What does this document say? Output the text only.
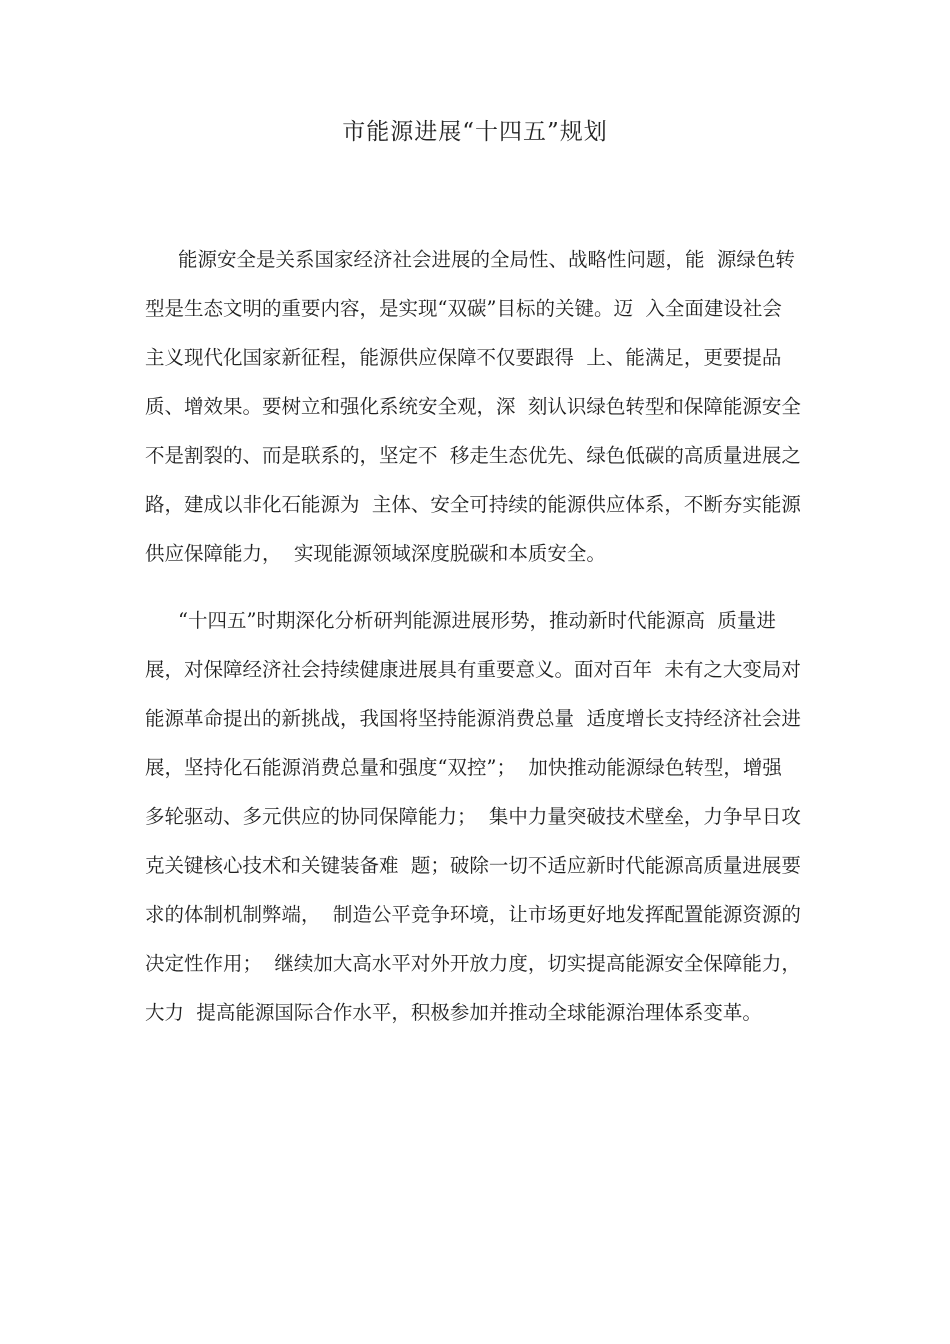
市能源进展“十四五”规划
能源安全是关系国家经济社会进展的全局性、战略性问题，能  源绿色转
型是生态文明的重要内容，是实现“双碳”目标的关键。迈  入全面建设社会
主义现代化国家新征程，能源供应保障不仅要跟得  上、能满足，更要提品
质、增效果。要树立和强化系统安全观，深  刻认识绿色转型和保障能源安全
不是割裂的、而是联系的，坚定不  移走生态优先、绿色低碳的高质量进展之
路，建成以非化石能源为  主体、安全可持续的能源供应体系，不断夯实能源
供应保障能力，  实现能源领域深度脱碳和本质安全。
“十四五”时期深化分析研判能源进展形势，推动新时代能源高  质量进
展，对保障经济社会持续健康进展具有重要意义。面对百年  未有之大变局对
能源革命提出的新挑战，我国将坚持能源消费总量  适度增长支持经济社会进
展，坚持化石能源消费总量和强度“双控”；  加快推动能源绿色转型，增强
多轮驱动、多元供应的协同保障能力；  集中力量突破技术壁垒，力争早日攻
克关键核心技术和关键装备难  题；破除一切不适应新时代能源高质量进展要
求的体制机制弊端，  制造公平竞争环境，让市场更好地发挥配置能源资源的
决定性作用；  继续加大高水平对外开放力度，切实提高能源安全保障能力，
大力  提高能源国际合作水平，积极参加并推动全球能源治理体系变革。
